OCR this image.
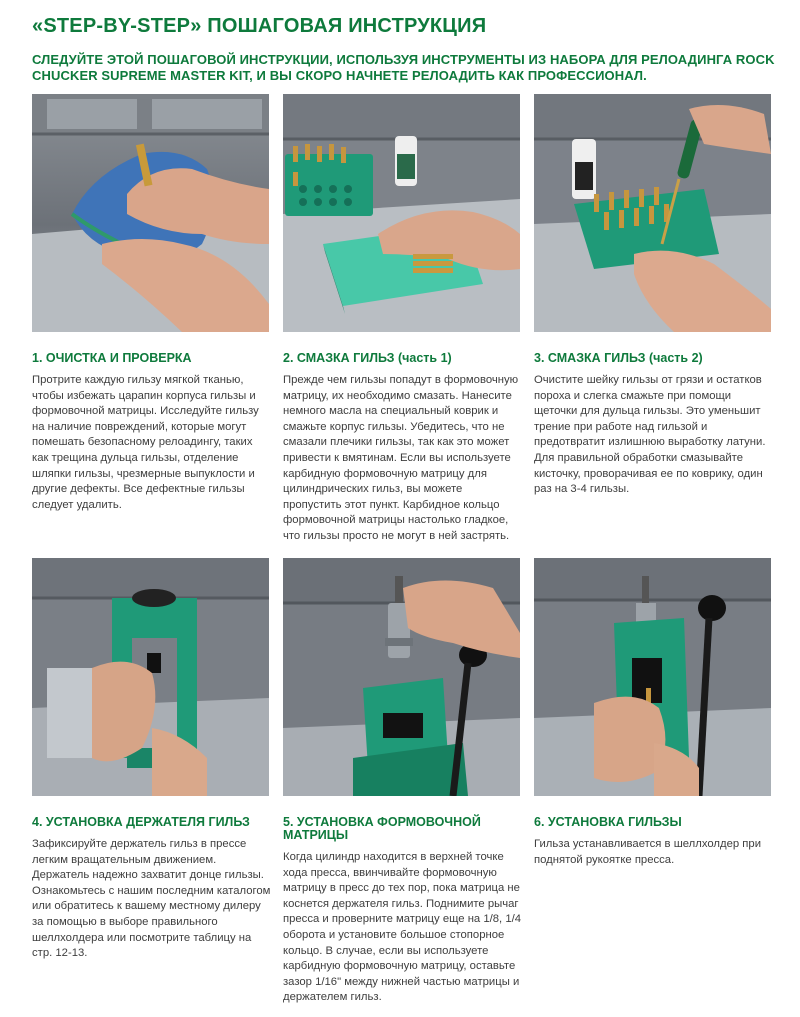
«STEP-BY-STEP» ПОШАГОВАЯ ИНСТРУКЦИЯ
СЛЕДУЙТЕ ЭТОЙ ПОШАГОВОЙ ИНСТРУКЦИИ, ИСПОЛЬЗУЯ ИНСТРУМЕНТЫ ИЗ НАБОРА ДЛЯ РЕЛОАДИНГА ROCK CHUCKER SUPREME MASTER KIT, И ВЫ СКОРО НАЧНЕТЕ РЕЛОАДИТЬ КАК ПРОФЕССИОНАЛ.
1. ОЧИСТКА И ПРОВЕРКА

Протрите каждую гильзу мягкой тканью, чтобы избежать царапин корпуса гильзы и формовочной матрицы. Исследуйте гильзу на наличие повреждений, которые могут помешать безопасному релоадингу, таких как трещина дульца гильзы, отделение шляпки гильзы, чрезмерные выпуклости и другие дефекты. Все дефектные гильзы следует удалить.

2. СМАЗКА ГИЛЬЗ (часть 1)

Прежде чем гильзы попадут в формовочную матрицу, их необходимо смазать. Нанесите немного масла на специальный коврик и смажьте корпус гильзы. Убедитесь, что не смазали плечики гильзы, так как это может привести к вмятинам. Если вы используете карбидную формовочную матрицу для цилиндрических гильз, вы можете пропустить этот пункт. Карбидное кольцо формовочной матрицы настолько гладкое, что гильзы просто не могут в ней застрять.

3. СМАЗКА ГИЛЬЗ (часть 2)

Очистите шейку гильзы от грязи и остатков пороха и слегка смажьте при помощи щеточки для дульца гильзы. Это уменьшит трение при работе над гильзой и предотвратит излишнюю выработку латуни. Для правильной обработки смазывайте кисточку, проворачивая ее по коврику, один раз на 3-4 гильзы.

4. УСТАНОВКА ДЕРЖАТЕЛЯ ГИЛЬЗ

Зафиксируйте держатель гильз в прессе легким вращательным движением. Держатель надежно захватит донце гильзы. Ознакомьтесь с нашим последним каталогом или обратитесь к вашему местному дилеру за помощью в выборе правильного шеллхолдера или посмотрите таблицу на стр. 12-13.

5. УСТАНОВКА ФОРМОВОЧНОЙ МАТРИЦЫ

Когда цилиндр находится в верхней точке хода пресса, ввинчивайте формовочную матрицу в пресс до тех пор, пока матрица не коснется держателя гильз. Поднимите рычаг пресса и проверните матрицу еще на 1/8, 1/4 оборота и установите большое стопорное кольцо. В случае, если вы используете карбидную формовочную матрицу, оставьте зазор 1/16" между нижней частью матрицы и держателем гильз.

6. УСТАНОВКА ГИЛЬЗЫ

Гильза устанавливается в шеллхолдер при поднятой рукоятке пресса.
